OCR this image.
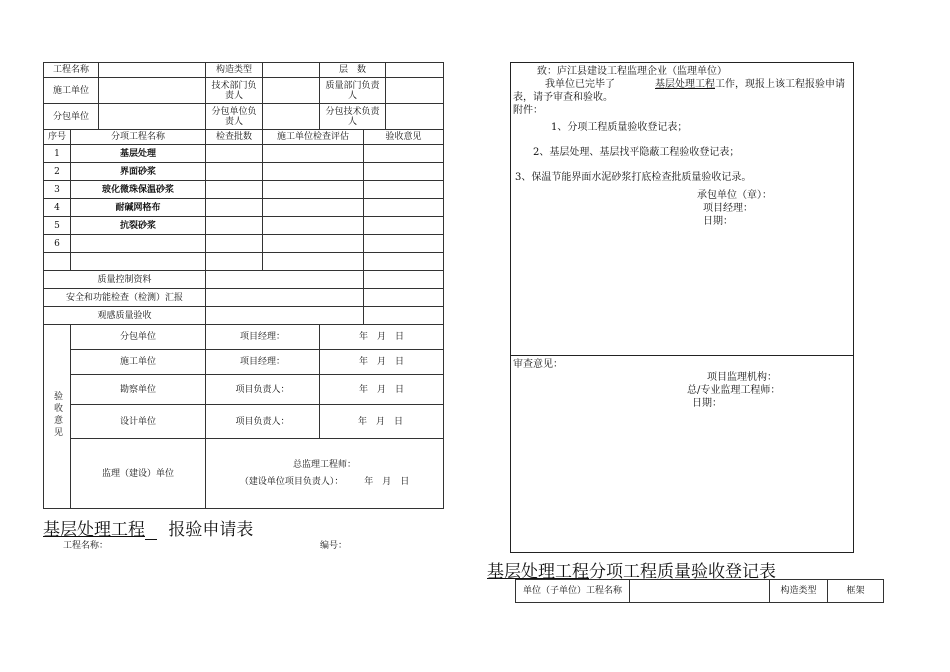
工程名称			构造类型		层　数		
施工单位			技术部门负责人		质量部门负责人		
分包单位			分包单位负责人		分包技术负责人		
序号	分项工程名称		检查批数	施工单位检查评估		验收意见	
1	基层处理						
2	界面砂浆						
3	玻化微珠保温砂浆						
4	耐碱网格布						
5	抗裂砂浆						
6							

质量控制资料							
安全和功能检查（检测）汇报							
观感质量验收							
验收意见	分包单位		项目经理：		年　月　日		
	施工单位		项目经理：		年　月　日		
	勘察单位		项目负责人：		年　月　日		
	设计单位		项目负责人：		年　月　日		
	监理（建设）单位		总监理工程师：
（建设单位项目负责人）： 年　月　日				
基层处理工程 报验申请表
工程名称：	编号：
致：庐江县建设工程监理企业（监理单位）
我单位已完毕了	基层处理工程工作，现报上该工程报验申请
表，请予审查和验收。
附件：
1、分项工程质量验收登记表；
2、基层处理、基层找平隐蔽工程验收登记表；
3、保温节能界面水泥砂浆打底检查批质量验收记录。
承包单位（章）：
项目经理：
日期：
审查意见：
项目监理机构：
总/专业监理工程师：
日期：
基层处理工程分项工程质量验收登记表
单位（子单位）工程名称		构造类型	框架
